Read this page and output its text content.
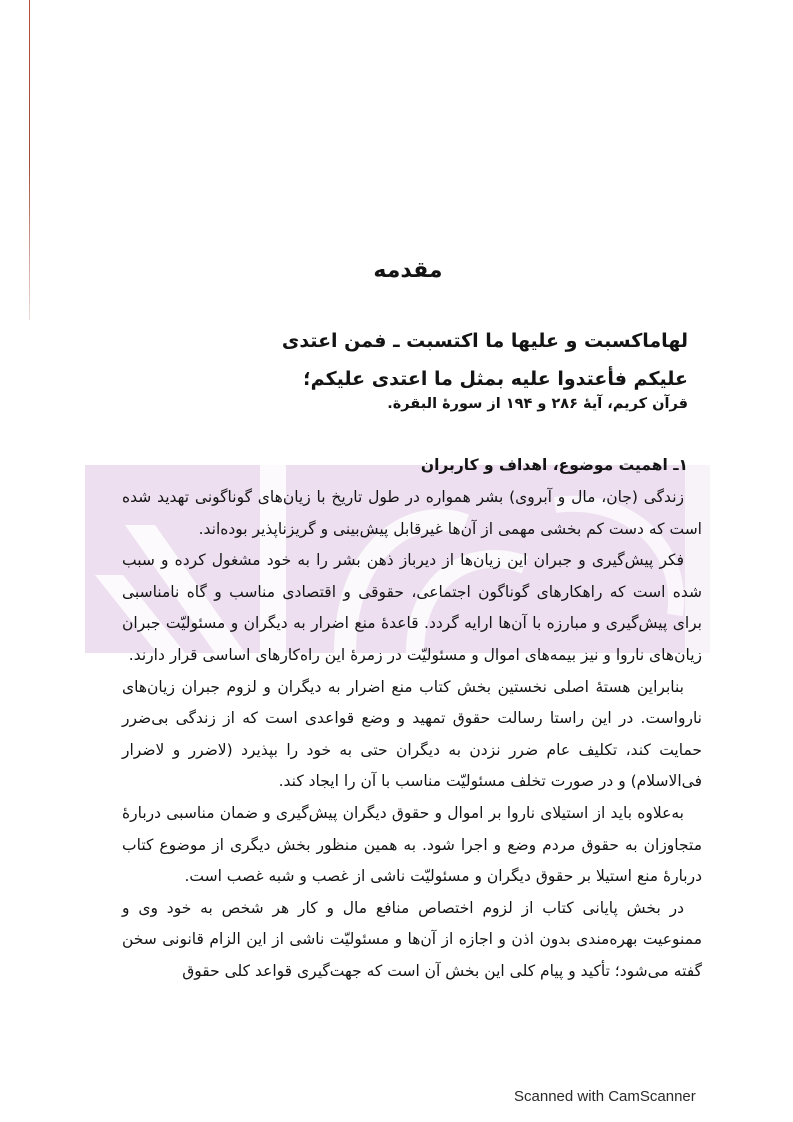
مقدمه
لهاماکسبت و علیها ما اکتسبت ـ فمن اعتدی
علیکم فأعتدوا علیه بمثل ما اعتدی علیکم؛
قرآن کریم، آیهٔ ۲۸۶ و ۱۹۴ از سورهٔ البقرة.
۱ـ اهمیت موضوع، اهداف و کاربران

زندگی (جان، مال و آبروی) بشر همواره در طول تاریخ با زیان‌های گوناگونی تهدید شده است که دست کم بخشی مهمی از آن‌ها غیرقابل پیش‌بینی و گریزناپذیر بوده‌اند.

فکر پیش‌گیری و جبران این زیان‌ها از دیرباز ذهن بشر را به خود مشغول کرده و سبب شده است که راهکارهای گوناگون اجتماعی، حقوقی و اقتصادی مناسب و گاه نامناسبی برای پیش‌گیری و مبارزه با آن‌ها ارایه گردد. قاعدهٔ منع اضرار به دیگران و مسئولیّت جبران زیان‌های ناروا و نیز بیمه‌های اموال و مسئولیّت در زمرهٔ این راه‌کارهای اساسی قرار دارند.

بنابراین هستهٔ اصلی نخستین بخش کتاب منع اضرار به دیگران و لزوم جبران زیان‌های نارواست. در این راستا رسالت حقوق تمهید و وضع قواعدی است که از زندگی بی‌ضرر حمایت کند، تکلیف عام ضرر نزدن به دیگران حتی به خود را بپذیرد (لاضرر و لاضرار فی‌الاسلام) و در صورت تخلف مسئولیّت مناسب با آن را ایجاد کند.

به‌علاوه باید از استیلای ناروا بر اموال و حقوق دیگران پیش‌گیری و ضمان مناسبی دربارهٔ متجاوزان به حقوق مردم وضع و اجرا شود. به همین منظور بخش دیگری از موضوع کتاب دربارهٔ منع استیلا بر حقوق دیگران و مسئولیّت ناشی از غصب و شبه غصب است.

در بخش پایانی کتاب از لزوم اختصاص منافع مال و کار هر شخص به خود وی و ممنوعیت بهره‌مندی بدون اذن و اجازه از آن‌ها و مسئولیّت ناشی از این الزام قانونی سخن گفته می‌شود؛ تأکید و پیام کلی این بخش آن است که جهت‌گیری قواعد کلی حقوق

Scanned with CamScanner
